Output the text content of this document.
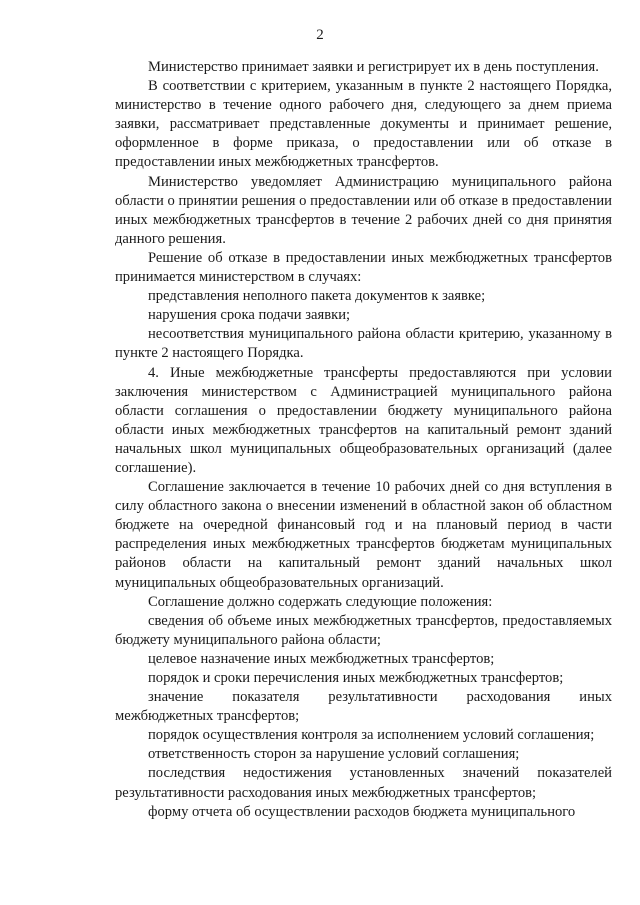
2

Министерство принимает заявки и регистрирует их в день поступления.

В соответствии с критерием, указанным в пункте 2 настоящего Порядка, министерство в течение одного рабочего дня, следующего за днем приема заявки, рассматривает представленные документы и принимает решение, оформленное в форме приказа, о предоставлении или об отказе в предоставлении иных межбюджетных трансфертов.

Министерство уведомляет Администрацию муниципального района области о принятии решения о предоставлении или об отказе в предоставлении иных межбюджетных трансфертов в течение 2 рабочих дней со дня принятия данного решения.

Решение об отказе в предоставлении иных межбюджетных трансфертов принимается министерством в случаях:

представления неполного пакета документов к заявке;

нарушения срока подачи заявки;

несоответствия муниципального района области критерию, указанному в пункте 2 настоящего Порядка.

4. Иные межбюджетные трансферты предоставляются при условии заключения министерством с Администрацией муниципального района области соглашения о предоставлении бюджету муниципального района области иных межбюджетных трансфертов на капитальный ремонт зданий начальных школ муниципальных общеобразовательных организаций (далее соглашение).

Соглашение заключается в течение 10 рабочих дней со дня вступления в силу областного закона о внесении изменений в областной закон об областном бюджете на очередной финансовый год и на плановый период в части распределения иных межбюджетных трансфертов бюджетам муниципальных районов области на капитальный ремонт зданий начальных школ муниципальных общеобразовательных организаций.

Соглашение должно содержать следующие положения:

сведения об объеме иных межбюджетных трансфертов, предоставляемых бюджету муниципального района области;

целевое назначение иных межбюджетных трансфертов;

порядок и сроки перечисления иных межбюджетных трансфертов;

значение показателя результативности расходования иных межбюджетных трансфертов;

порядок осуществления контроля за исполнением условий соглашения;

ответственность сторон за нарушение условий соглашения;

последствия недостижения установленных значений показателей результативности расходования иных межбюджетных трансфертов;

форму отчета об осуществлении расходов бюджета муниципального
